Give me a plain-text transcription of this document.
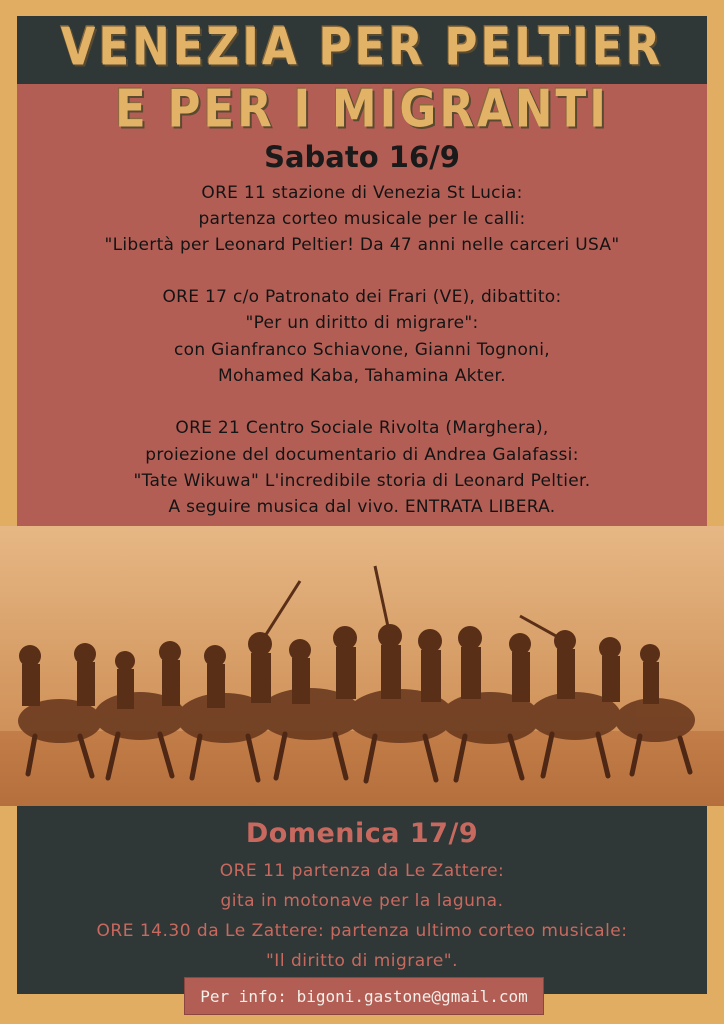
VENEZIA PER PELTIER
E PER I MIGRANTI
Sabato 16/9
ORE 11 stazione di Venezia St Lucia:
partenza corteo musicale per le calli:
"Libertà per Leonard Peltier! Da 47 anni nelle carceri USA"
ORE 17 c/o Patronato dei Frari (VE), dibattito:
"Per un diritto di migrare":
con Gianfranco Schiavone, Gianni Tognoni,
Mohamed Kaba, Tahamina Akter.
ORE 21 Centro Sociale Rivolta (Marghera),
proiezione del documentario di Andrea Galafassi:
"Tate Wikuwa" L'incredibile storia di Leonard Peltier.
A seguire musica dal vivo. ENTRATA LIBERA.
Domenica 17/9
ORE 11 partenza da Le Zattere:
gita in motonave per la laguna.
ORE 14.30 da Le Zattere: partenza ultimo corteo musicale:
"Il diritto di migrare".
Per info: bigoni.gastone@gmail.com
